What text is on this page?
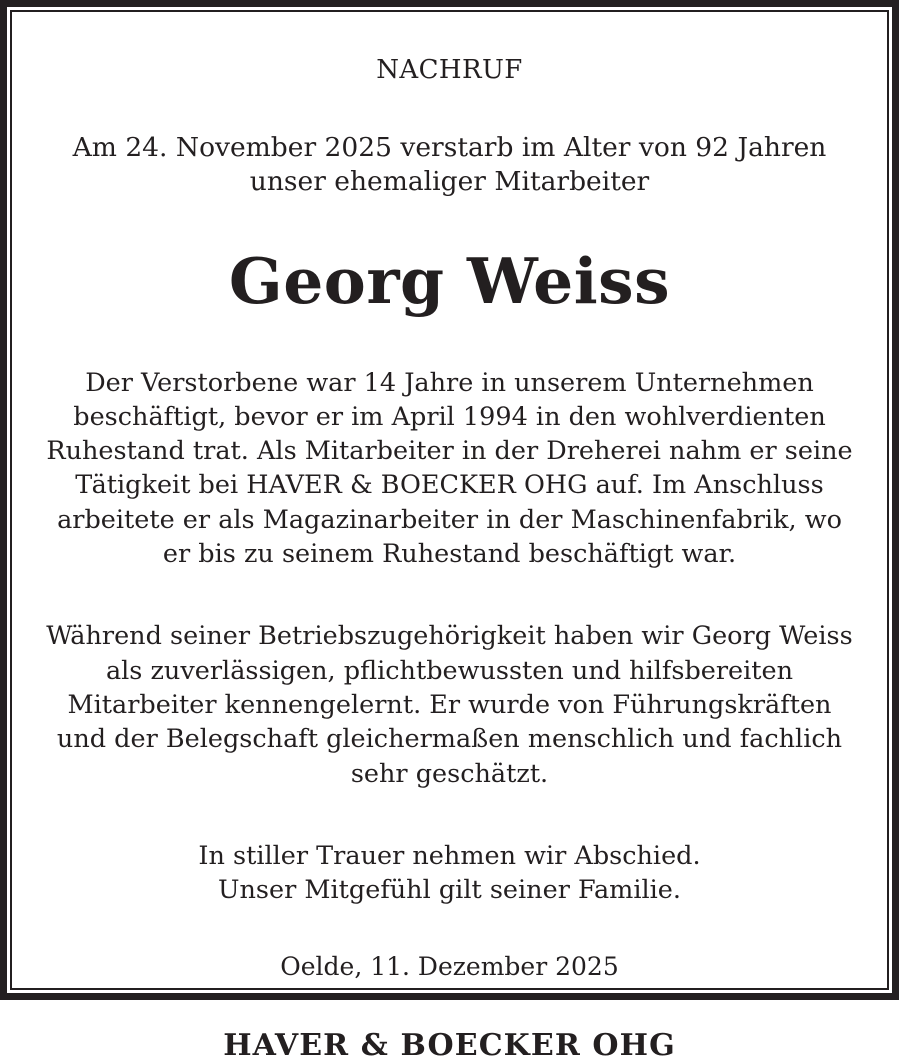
NACHRUF
Am 24. November 2025 verstarb im Alter von 92 Jahren
unser ehemaliger Mitarbeiter
Georg Weiss

Der Verstorbene war 14 Jahre in unserem Unternehmen beschäftigt, bevor er im April 1994 in den wohlverdienten Ruhestand trat. Als Mitarbeiter in der Dreherei nahm er seine Tätigkeit bei HAVER & BOECKER OHG auf. Im Anschluss arbeitete er als Magazinarbeiter in der Maschinenfabrik, wo er bis zu seinem Ruhestand beschäftigt war.

Während seiner Betriebszugehörigkeit haben wir Georg Weiss als zuverlässigen, pflichtbewussten und hilfsbereiten Mitarbeiter kennengelernt. Er wurde von Führungskräften und der Belegschaft gleichermaßen menschlich und fachlich sehr geschätzt.

In stiller Trauer nehmen wir Abschied.
Unser Mitgefühl gilt seiner Familie.

Oelde, 11. Dezember 2025
HAVER & BOECKER OHG
